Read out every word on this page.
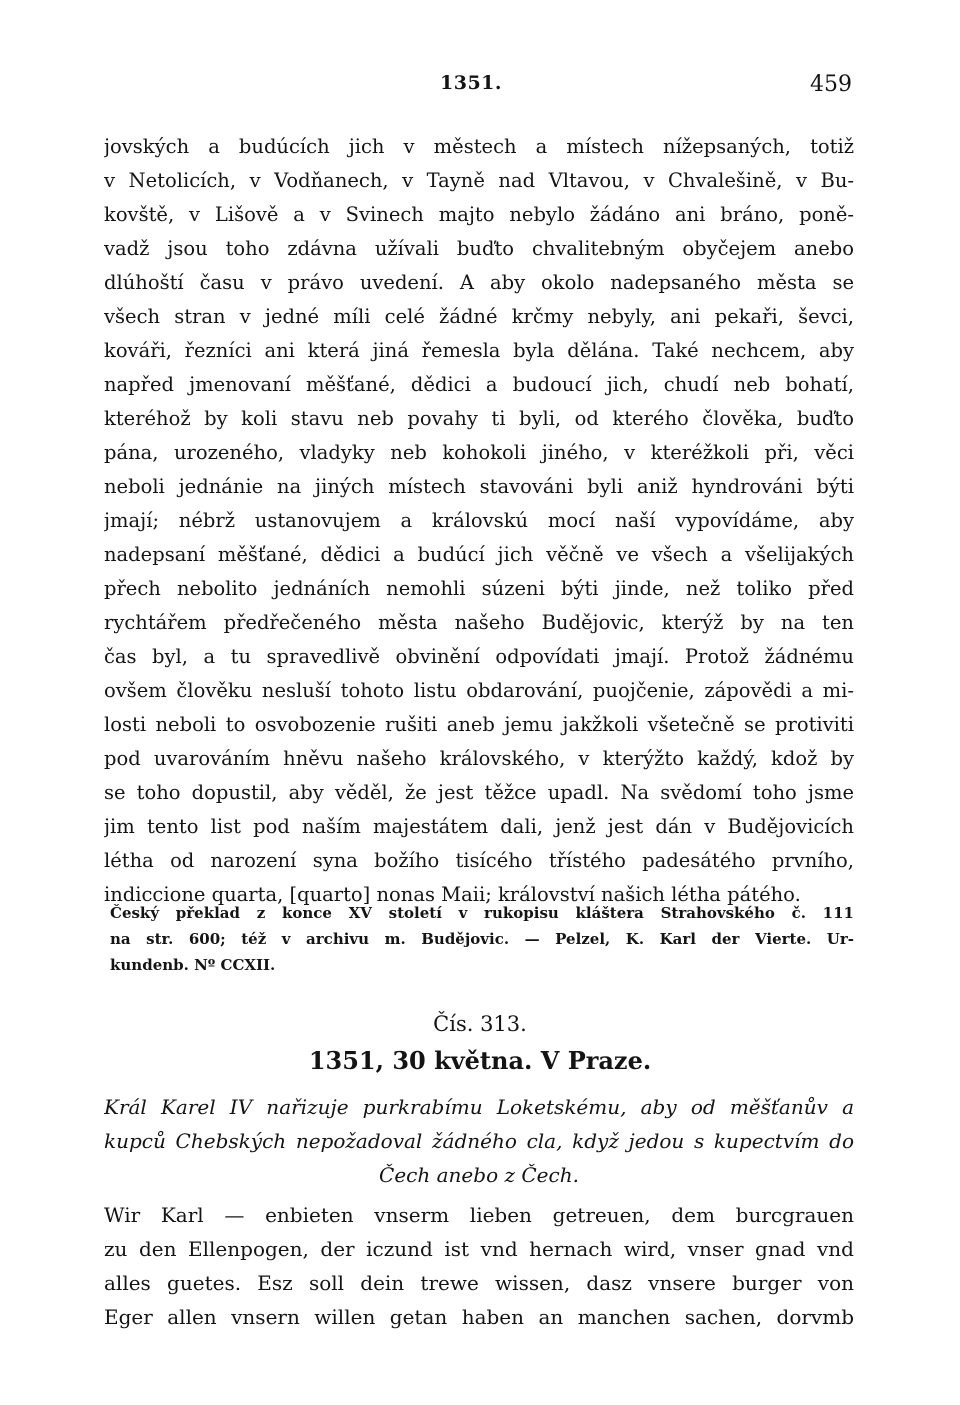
1351.	459
jovských a budúcích jich v městech a místech nížepsaných, totiž
v Netolicích, v Vodňanech, v Tayně nad Vltavou, v Chvalešině, v Bu-
kovště, v Lišově a v Svinech majto nebylo žádáno ani bráno, poně-
vadž jsou toho zdávna užívali buďto chvalitebným obyčejem anebo
dlúhoští času v právo uvedení. A aby okolo nadepsaného města se
všech stran v jedné míli celé žádné krčmy nebyly, ani pekaři, ševci,
kováři, řezníci ani která jiná řemesla byla dělána. Také nechcem, aby
napřed jmenovaní měšťané, dědici a budoucí jich, chudí neb bohatí,
kteréhož by koli stavu neb povahy ti byli, od kterého člověka, buďto
pána, urozeného, vladyky neb kohokoli jiného, v kteréžkoli při, věci
neboli jednánie na jiných místech stavováni byli aniž hyndrováni býti
jmají; nébrž ustanovujem a královskú mocí naší vypovídáme, aby
nadepsaní měšťané, dědici a budúcí jich věčně ve všech a všelijakých
přech nebolito jednáních nemohli súzeni býti jinde, než toliko před
rychtářem předřečeného města našeho Budějovic, kterýž by na ten
čas byl, a tu spravedlivě obvinění odpovídati jmají. Protož žádnému
ovšem člověku nesluší tohoto listu obdarování, puojčenie, zápovědi a mi-
losti neboli to osvobozenie rušiti aneb jemu jakžkoli všetečně se protiviti
pod uvarováním hněvu našeho královského, v kterýžto každý, kdož by
se toho dopustil, aby věděl, že jest těžce upadl. Na svědomí toho jsme
jim tento list pod naším majestátem dali, jenž jest dán v Budějovicích
létha od narození syna božího tisícého třístého padesátého prvního,
indiccione quarta, [quarto] nonas Maii; království našich létha pátého.
Český překlad z konce XV století v rukopisu kláštera Strahovského č. 111
na str. 600; též v archivu m. Budějovic. — Pelzel, K. Karl der Vierte. Ur-
kundenb. Nº CCXII.
Čís. 313.
1351, 30 května. V Praze.
Král Karel IV nařizuje purkrabímu Loketskému, aby od měšťanův a
kupců Chebských nepožadoval žádného cla, když jedou s kupectvím do
Čech anebo z Čech.
Wir Karl — enbieten vnserm lieben getreuen, dem burcgrauen
zu den Ellenpogen, der iczund ist vnd hernach wird, vnser gnad vnd
alles guetes. Esz soll dein trewe wissen, dasz vnsere burger von
Eger allen vnsern willen getan haben an manchen sachen, dorvmb
